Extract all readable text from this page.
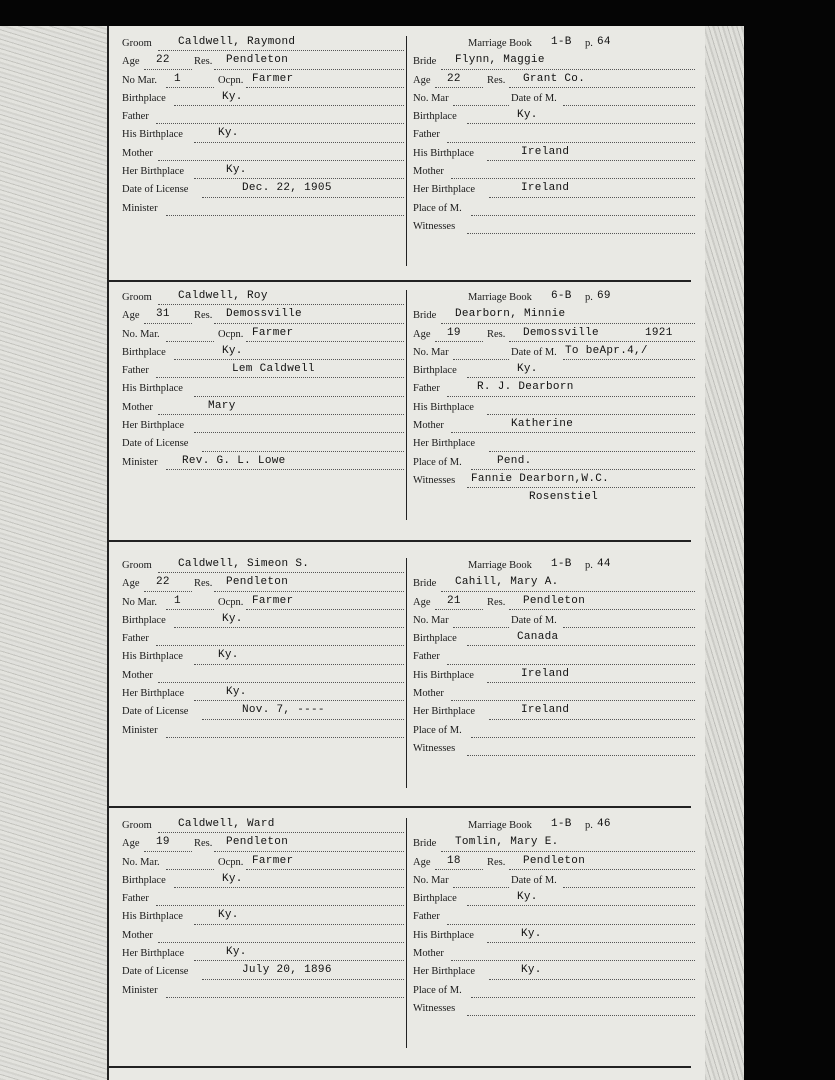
Groom Caldwell, Raymond
Age 22 Res. Pendleton
No Mar. 1	Ocpn. Farmer
Birthplace	Ky.
Father
His Birthplace	Ky.
Mother
Her Birthplace	Ky.
Date of License	Dec. 22, 1905
Minister
Marriage Book 1-B p. 64
Bride Flynn, Maggie
Age 22 Res. Grant Co.
No. Mar	Date of M.
Birthplace	Ky.
Father
His Birthplace	Ireland
Mother
Her Birthplace	Ireland
Place of M.
Witnesses
Groom Caldwell, Roy
Age 31 Res. Demossville
No. Mar.	Ocpn. Farmer
Birthplace	Ky.
Father	Lem Caldwell
His Birthplace
Mother	Mary
Her Birthplace
Date of License
Minister Rev. G. L. Lowe
Marriage Book 6-B p. 69
Bride Dearborn, Minnie
Age 19 Res. Demossville	1921
No. Mar	Date of M. To beApr.4,/
Birthplace	Ky.
Father	R. J. Dearborn
His Birthplace
Mother	Katherine
Her Birthplace
Place of M.	Pend.
Witnesses Fannie Dearborn,W.C.
Rosenstiel
Groom Caldwell, Simeon S.
Age 22 Res. Pendleton
No Mar. 1	Ocpn. Farmer
Birthplace	Ky.
Father
His Birthplace	Ky.
Mother
Her Birthplace	Ky.
Date of License	Nov. 7, ----
Minister
Marriage Book 1-B p. 44
Bride Cahill, Mary A.
Age 21 Res. Pendleton
No. Mar	Date of M.
Birthplace	Canada
Father
His Birthplace	Ireland
Mother
Her Birthplace	Ireland
Place of M.
Witnesses
Groom Caldwell, Ward
Age 19 Res. Pendleton
No. Mar.	Ocpn. Farmer
Birthplace	Ky.
Father
His Birthplace	Ky.
Mother
Her Birthplace	Ky.
Date of License	July 20, 1896
Minister
Marriage Book 1-B p. 46
Bride Tomlin, Mary E.
Age 18 Res. Pendleton
No. Mar	Date of M.
Birthplace	Ky.
Father
His Birthplace	Ky.
Mother
Her Birthplace	Ky.
Place of M.
Witnesses
